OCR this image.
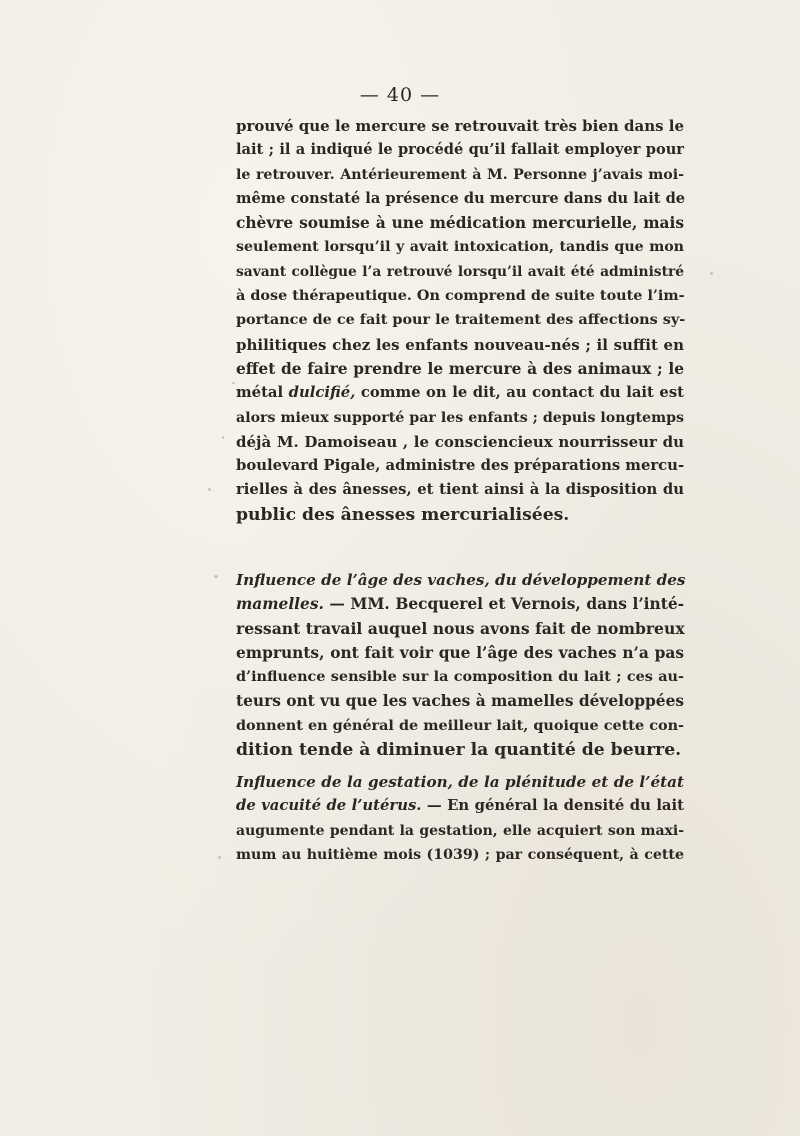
— 40 —
prouvé que le mercure se retrouvait très bien dans le
lait ; il a indiqué le procédé qu’il fallait employer pour
le retrouver. Antérieurement à M. Personne j’avais moi-
même constaté la présence du mercure dans du lait de
chèvre soumise à une médication mercurielle, mais
seulement lorsqu’il y avait intoxication, tandis que mon
savant collègue l’a retrouvé lorsqu’il avait été administré
à dose thérapeutique. On comprend de suite toute l’im-
portance de ce fait pour le traitement des affections sy-
philitiques chez les enfants nouveau-nés ; il suffit en
effet de faire prendre le mercure à des animaux ; le
métal dulcifié, comme on le dit, au contact du lait est
alors mieux supporté par les enfants ; depuis longtemps
déjà M. Damoiseau , le consciencieux nourrisseur du
boulevard Pigale, administre des préparations mercu-
rielles à des ânesses, et tient ainsi à la disposition du
public des ânesses mercurialisées.
Influence de l’âge des vaches, du développement des
mamelles. — MM. Becquerel et Vernois, dans l’inté-
ressant travail auquel nous avons fait de nombreux
emprunts, ont fait voir que l’âge des vaches n’a pas
d’influence sensible sur la composition du lait ; ces au-
teurs ont vu que les vaches à mamelles développées
donnent en général de meilleur lait, quoique cette con-
dition tende à diminuer la quantité de beurre.
Influence de la gestation, de la plénitude et de l’état
de vacuité de l’utérus. — En général la densité du lait
augumente pendant la gestation, elle acquiert son maxi-
mum au huitième mois (1039) ; par conséquent, à cette
